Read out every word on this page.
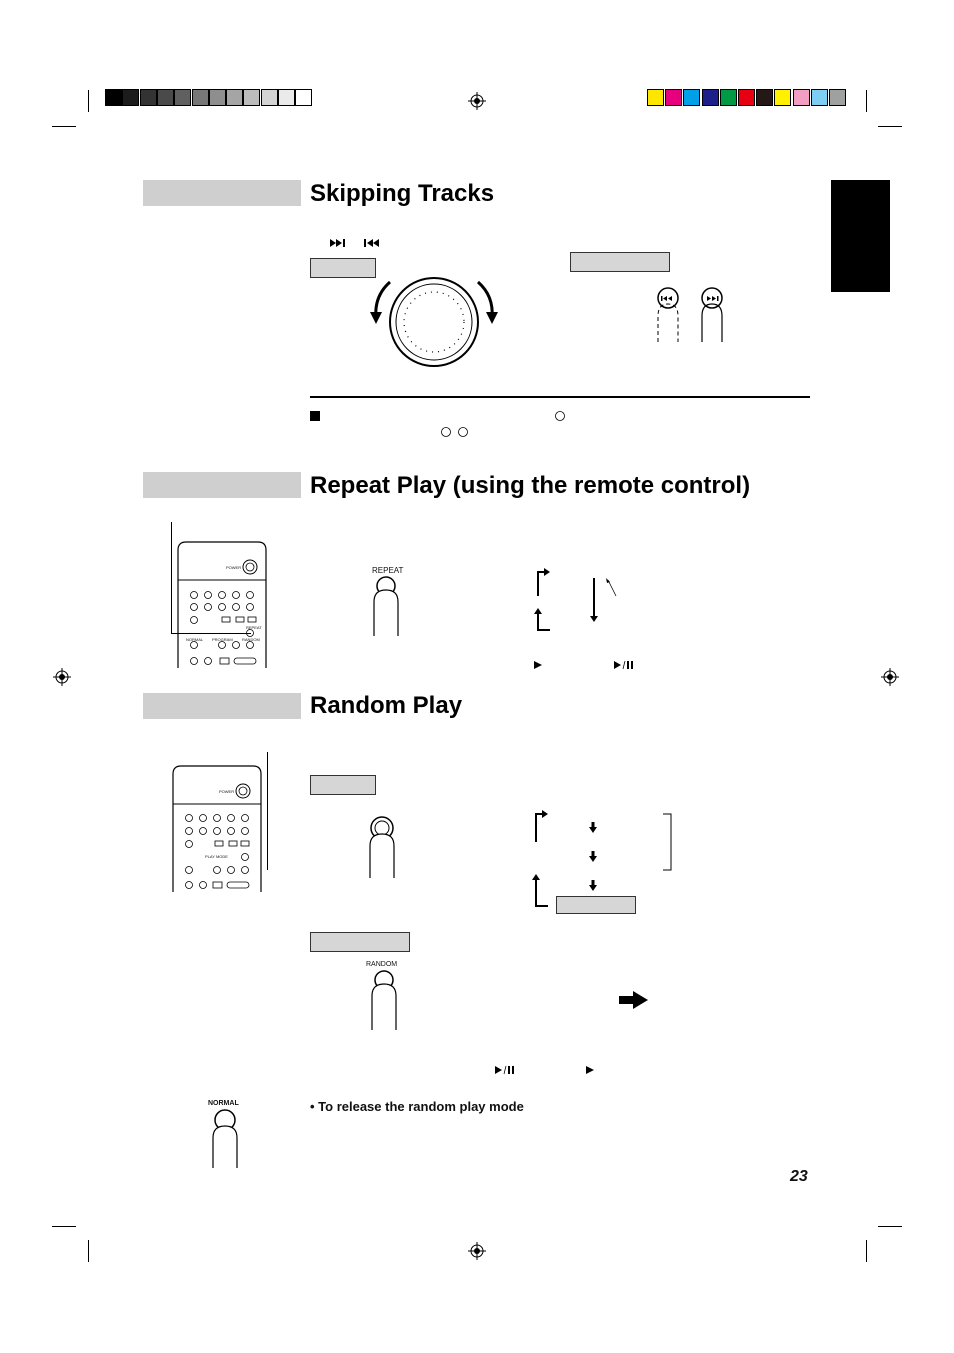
Skipping Tracks
Repeat Play (using the remote control)
POWER
NORMAL PROGRAM RANDOM
REPEAT
REPEAT
Random Play
POWER
PLAY MODE
RANDOM
NORMAL	• To release the random play mode
23
